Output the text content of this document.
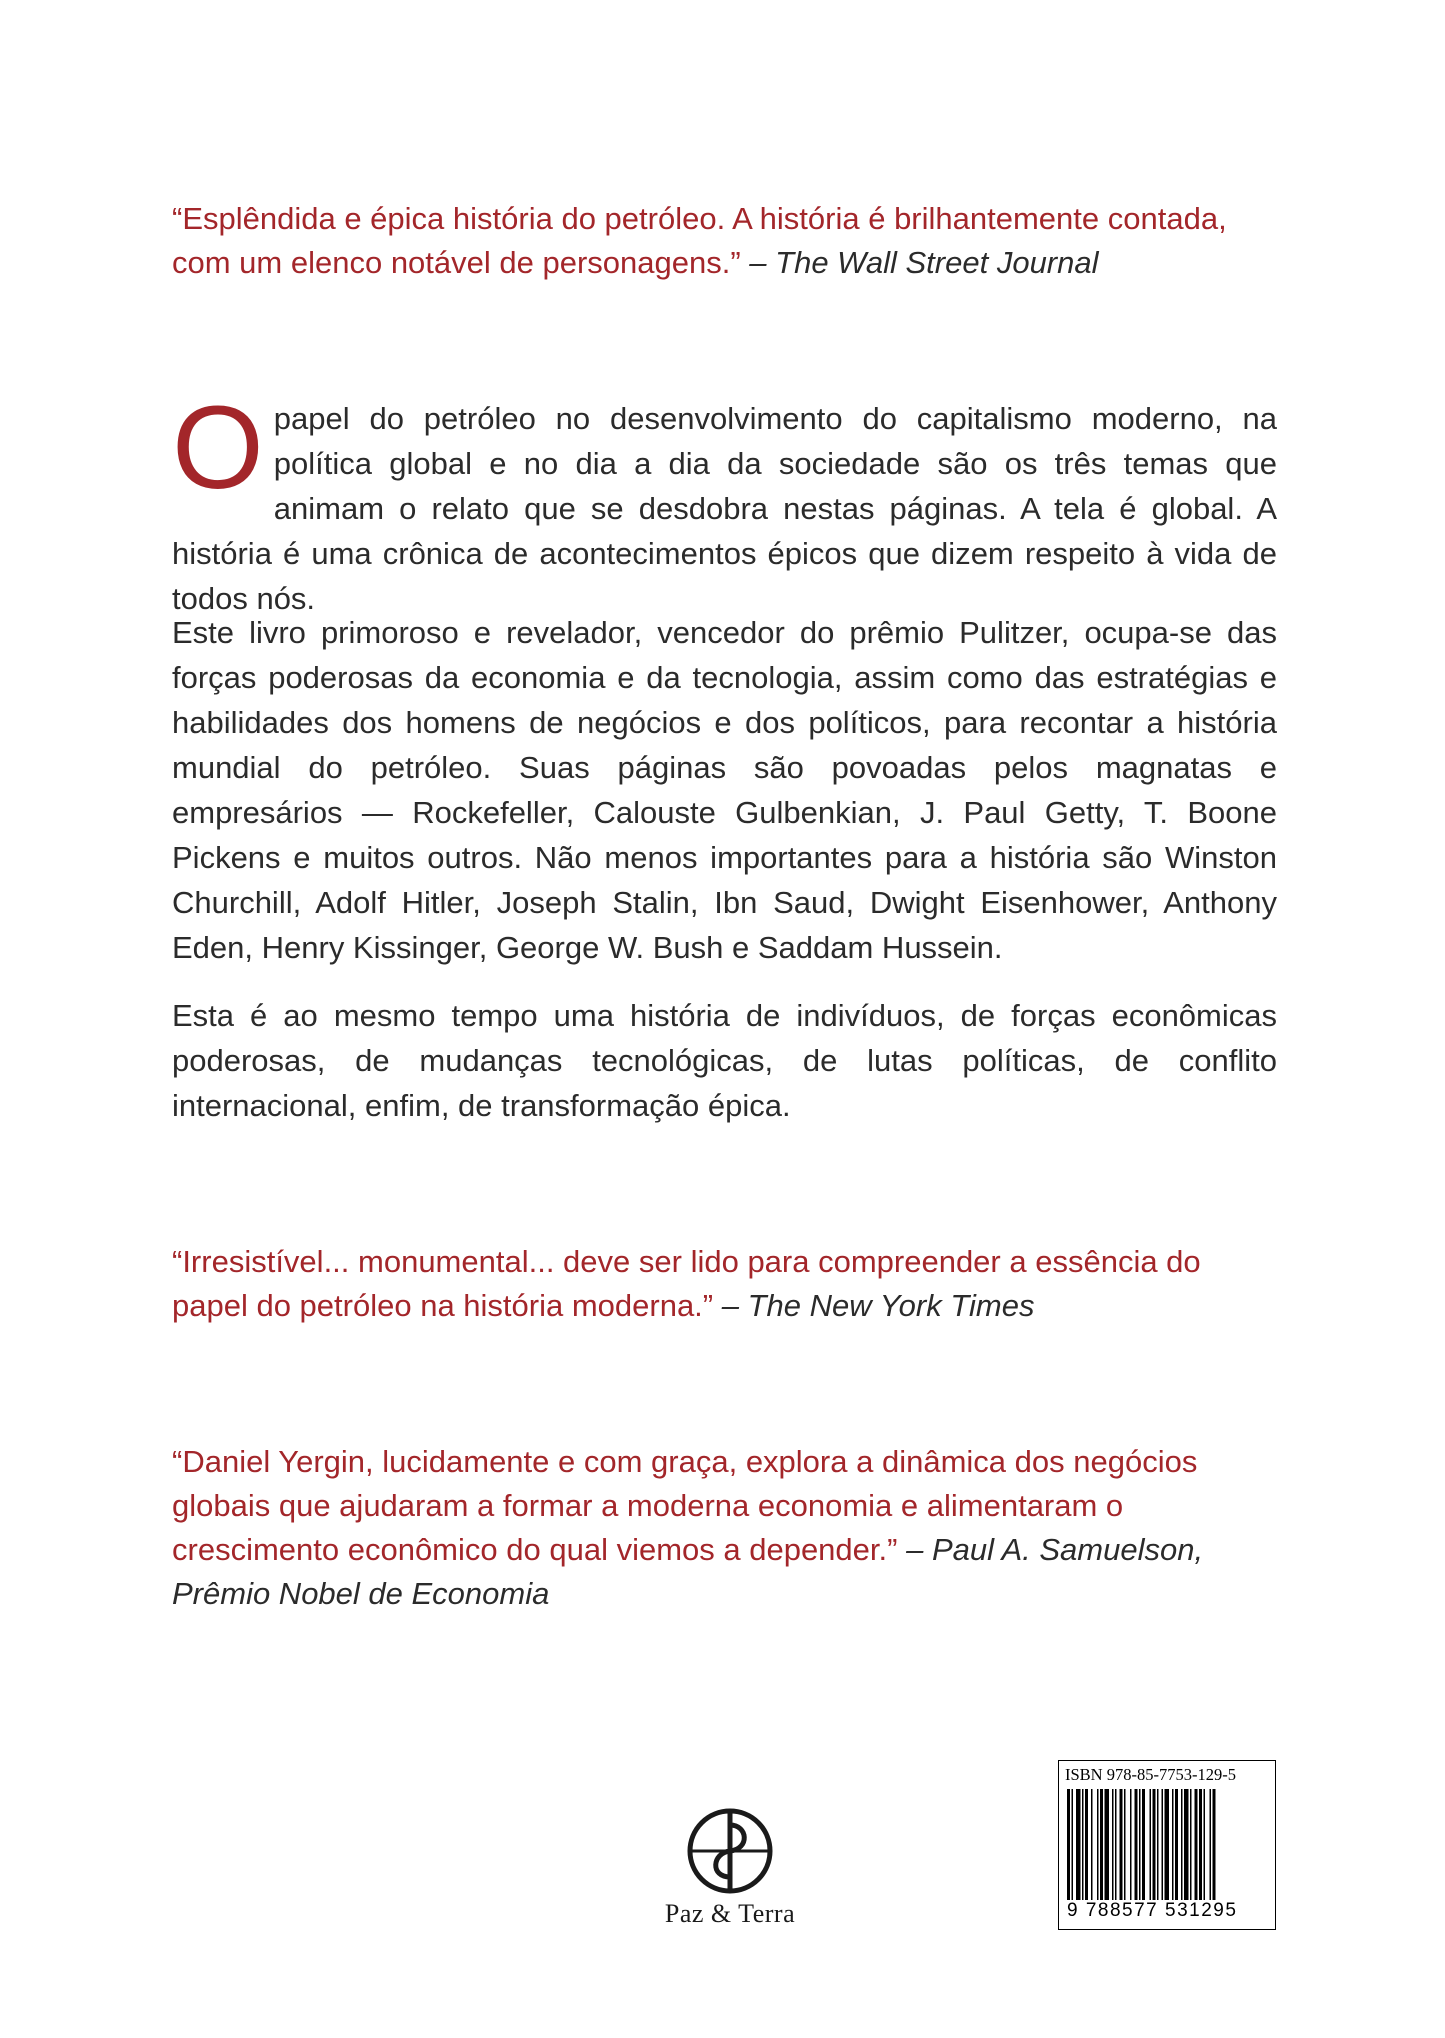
“Esplêndida e épica história do petróleo. A história é brilhantemente contada, com um elenco notável de personagens.” – The Wall Street Journal
O papel do petróleo no desenvolvimento do capitalismo moderno, na política global e no dia a dia da sociedade são os três temas que animam o relato que se desdobra nestas páginas. A tela é global. A história é uma crônica de acontecimentos épicos que dizem respeito à vida de todos nós.

Este livro primoroso e revelador, vencedor do prêmio Pulitzer, ocupa-se das forças poderosas da economia e da tecnologia, assim como das estratégias e habilidades dos homens de negócios e dos políticos, para recontar a história mundial do petróleo. Suas páginas são povoadas pelos magnatas e empresários — Rockefeller, Calouste Gulbenkian, J. Paul Getty, T. Boone Pickens e muitos outros. Não menos importantes para a história são Winston Churchill, Adolf Hitler, Joseph Stalin, Ibn Saud, Dwight Eisenhower, Anthony Eden, Henry Kissinger, George W. Bush e Saddam Hussein.

Esta é ao mesmo tempo uma história de indivíduos, de forças econômicas poderosas, de mudanças tecnológicas, de lutas políticas, de conflito internacional, enfim, de transformação épica.

“Irresistível... monumental... deve ser lido para compreender a essência do papel do petróleo na história moderna.” – The New York Times
“Daniel Yergin, lucidamente e com graça, explora a dinâmica dos negócios globais que ajudaram a formar a moderna economia e alimentaram o crescimento econômico do qual viemos a depender.” – Paul A. Samuelson, Prêmio Nobel de Economia
Paz & Terra
ISBN 978-85-7753-129-5
9 788577 531295
